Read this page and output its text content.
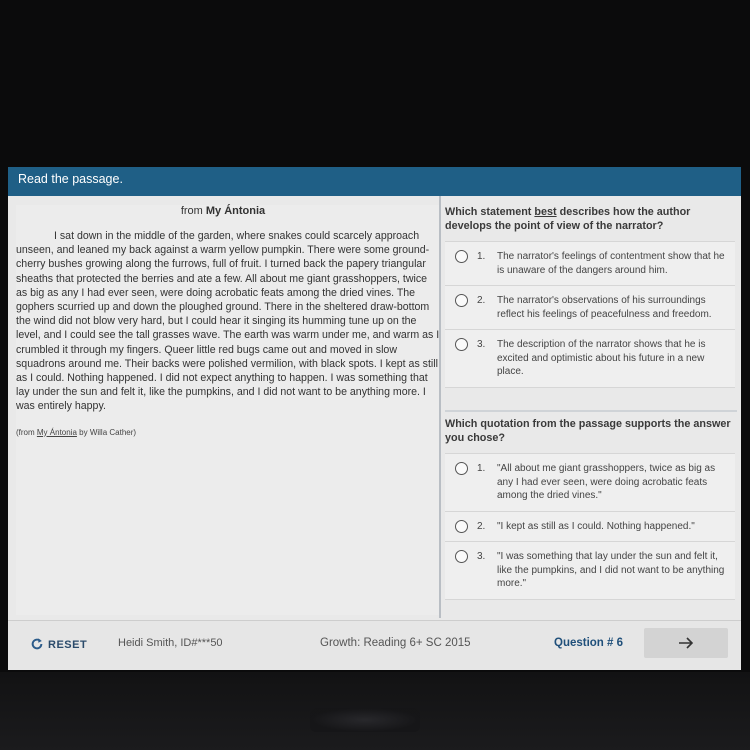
Read the passage.
from My Ántonia

I sat down in the middle of the garden, where snakes could scarcely approach unseen, and leaned my back against a warm yellow pumpkin. There were some ground-cherry bushes growing along the furrows, full of fruit. I turned back the papery triangular sheaths that protected the berries and ate a few. All about me giant grasshoppers, twice as big as any I had ever seen, were doing acrobatic feats among the dried vines. The gophers scurried up and down the ploughed ground. There in the sheltered draw-bottom the wind did not blow very hard, but I could hear it singing its humming tune up on the level, and I could see the tall grasses wave. The earth was warm under me, and warm as I crumbled it through my fingers. Queer little red bugs came out and moved in slow squadrons around me. Their backs were polished vermilion, with black spots. I kept as still as I could. Nothing happened. I did not expect anything to happen. I was something that lay under the sun and felt it, like the pumpkins, and I did not want to be anything more. I was entirely happy.

(from My Ántonia by Willa Cather)
Which statement best describes how the author develops the point of view of the narrator?
1. The narrator's feelings of contentment show that he is unaware of the dangers around him.
2. The narrator's observations of his surroundings reflect his feelings of peacefulness and freedom.
3. The description of the narrator shows that he is excited and optimistic about his future in a new place.
Which quotation from the passage supports the answer you chose?
1. "All about me giant grasshoppers, twice as big as any I had ever seen, were doing acrobatic feats among the dried vines."
2. "I kept as still as I could. Nothing happened."
3. "I was something that lay under the sun and felt it, like the pumpkins, and I did not want to be anything more."
RESET	Heidi Smith, ID#***50	Growth: Reading 6+ SC 2015	Question # 6
